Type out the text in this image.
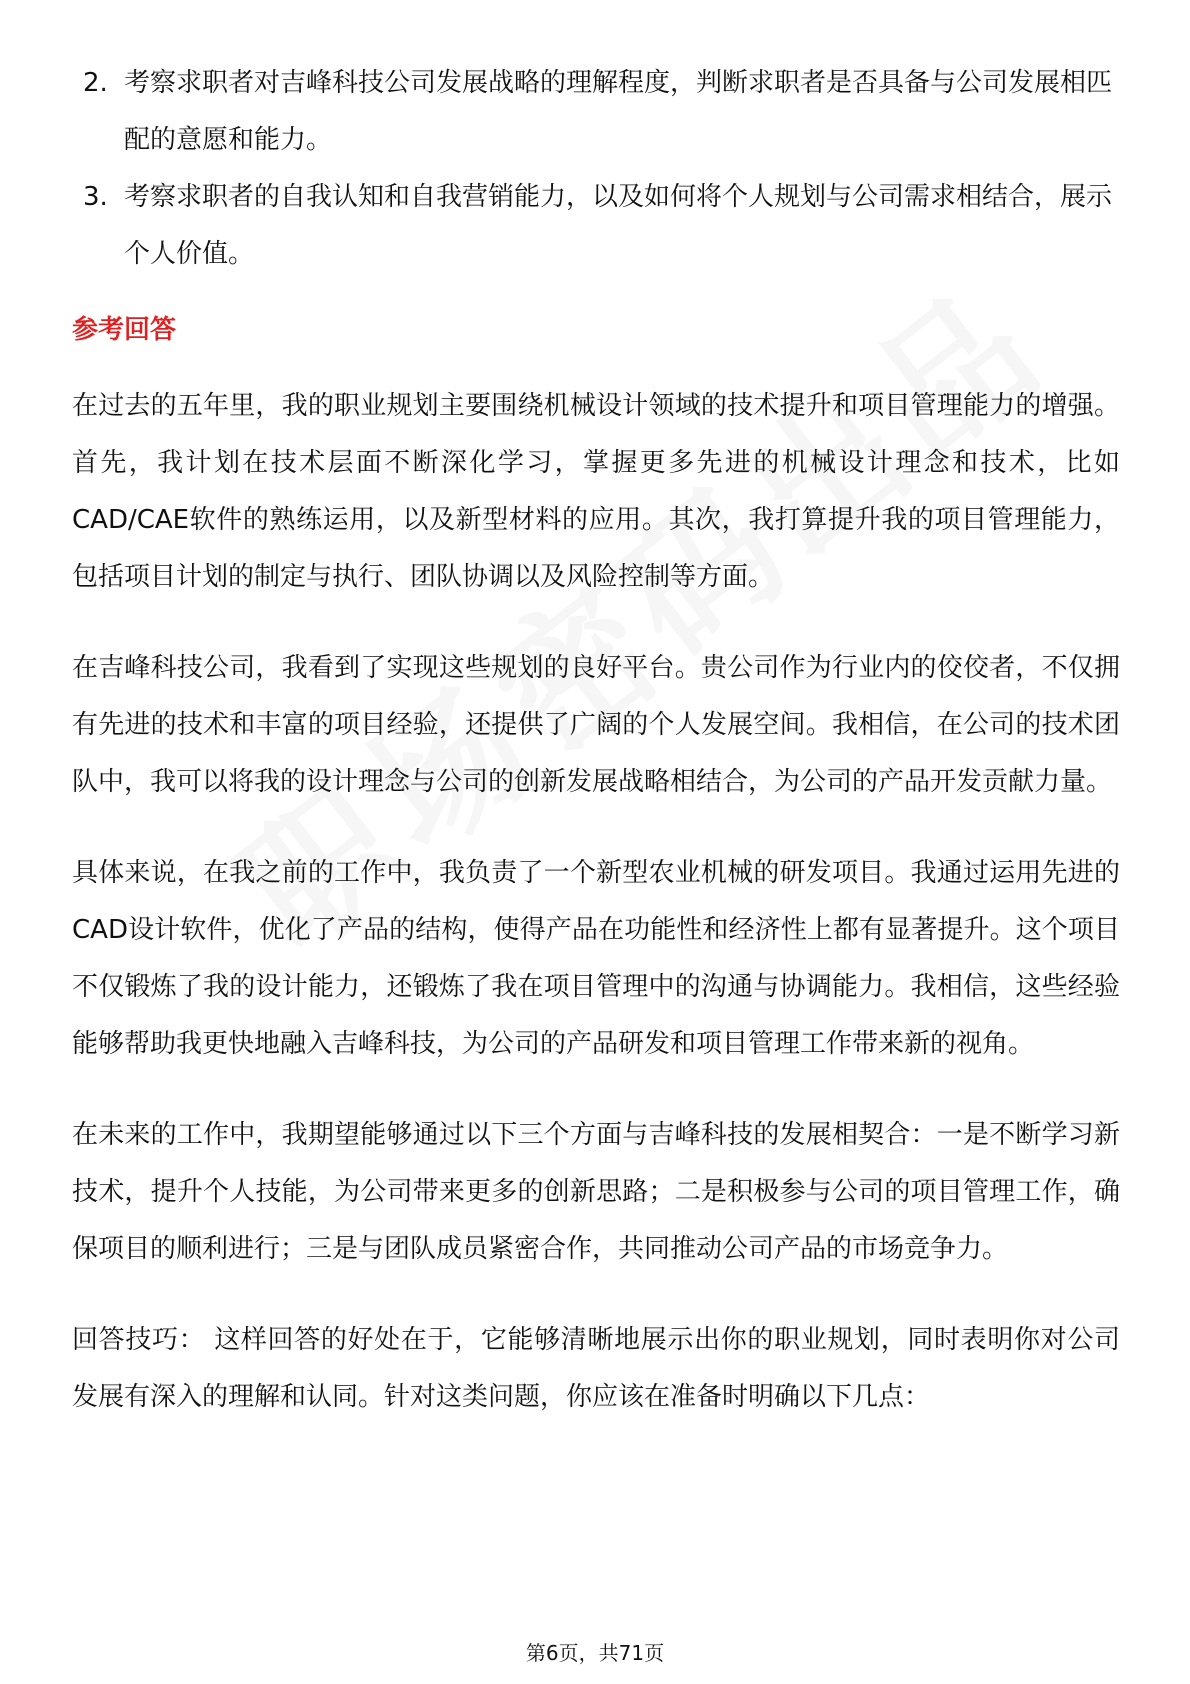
2. 考察求职者对吉峰科技公司发展战略的理解程度，判断求职者是否具备与公司发展相匹配的意愿和能力。
3. 考察求职者的自我认知和自我营销能力，以及如何将个人规划与公司需求相结合，展示个人价值。
参考回答

在过去的五年里，我的职业规划主要围绕机械设计领域的技术提升和项目管理能力的增强。首先，我计划在技术层面不断深化学习，掌握更多先进的机械设计理念和技术，比如CAD/CAE软件的熟练运用，以及新型材料的应用。其次，我打算提升我的项目管理能力，包括项目计划的制定与执行、团队协调以及风险控制等方面。

在吉峰科技公司，我看到了实现这些规划的良好平台。贵公司作为行业内的佼佼者，不仅拥有先进的技术和丰富的项目经验，还提供了广阔的个人发展空间。我相信，在公司的技术团队中，我可以将我的设计理念与公司的创新发展战略相结合，为公司的产品开发贡献力量。

具体来说，在我之前的工作中，我负责了一个新型农业机械的研发项目。我通过运用先进的CAD设计软件，优化了产品的结构，使得产品在功能性和经济性上都有显著提升。这个项目不仅锻炼了我的设计能力，还锻炼了我在项目管理中的沟通与协调能力。我相信，这些经验能够帮助我更快地融入吉峰科技，为公司的产品研发和项目管理工作带来新的视角。

在未来的工作中，我期望能够通过以下三个方面与吉峰科技的发展相契合：一是不断学习新技术，提升个人技能，为公司带来更多的创新思路；二是积极参与公司的项目管理工作，确保项目的顺利进行；三是与团队成员紧密合作，共同推动公司产品的市场竞争力。

回答技巧： 这样回答的好处在于，它能够清晰地展示出你的职业规划，同时表明你对公司发展有深入的理解和认同。针对这类问题，你应该在准备时明确以下几点：

第6页，共71页
